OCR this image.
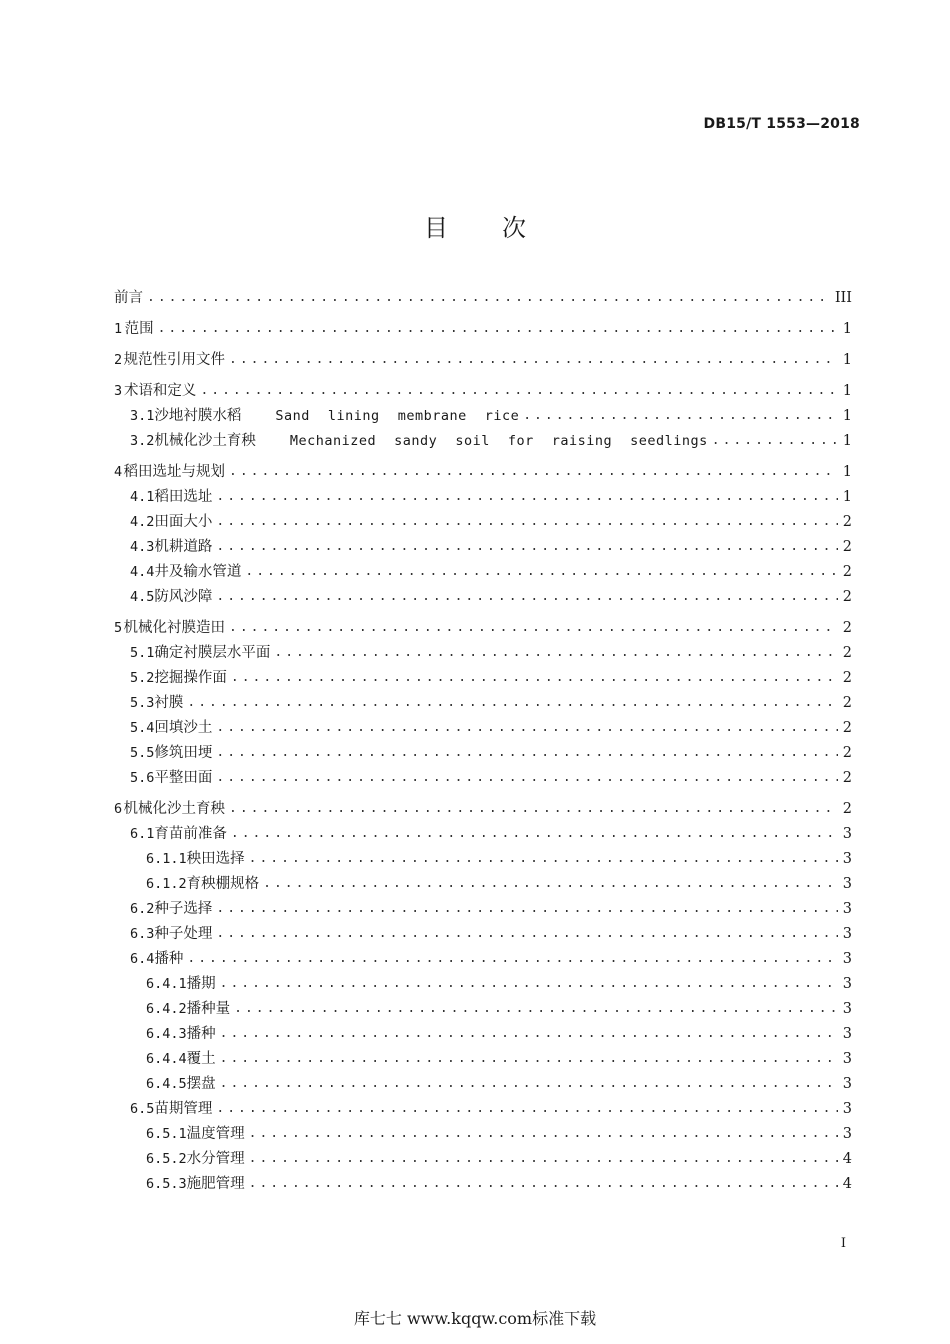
DB15/T 1553—2018
目 次
前言 .....	III
1 范围 .....	1
2 规范性引用文件 .....	1
3 术语和定义 .....	1
3.1 沙地衬膜水稻	Sand lining membrane rice .....	1
3.2 机械化沙土育秧	Mechanized sandy soil for raising seedlings .....	1
4 稻田选址与规划 .....	1
4.1 稻田选址 .....	1
4.2 田面大小 .....	2
4.3 机耕道路 .....	2
4.4 井及输水管道 .....	2
4.5 防风沙障 .....	2
5 机械化衬膜造田 .....	2
5.1 确定衬膜层水平面 .....	2
5.2 挖掘操作面 .....	2
5.3 衬膜 .....	2
5.4 回填沙土 .....	2
5.5 修筑田埂 .....	2
5.6 平整田面 .....	2
6 机械化沙土育秧 .....	2
6.1 育苗前准备 .....	3
6.1.1 秧田选择 .....	3
6.1.2 育秧棚规格 .....	3
6.2 种子选择 .....	3
6.3 种子处理 .....	3
6.4 播种 .....	3
6.4.1 播期 .....	3
6.4.2 播种量 .....	3
6.4.3 播种 .....	3
6.4.4 覆土 .....	3
6.4.5 摆盘 .....	3
6.5 苗期管理 .....	3
6.5.1 温度管理 .....	3
6.5.2 水分管理 .....	4
6.5.3 施肥管理 .....	4
I
库七七 www.kqqw.com标准下载
